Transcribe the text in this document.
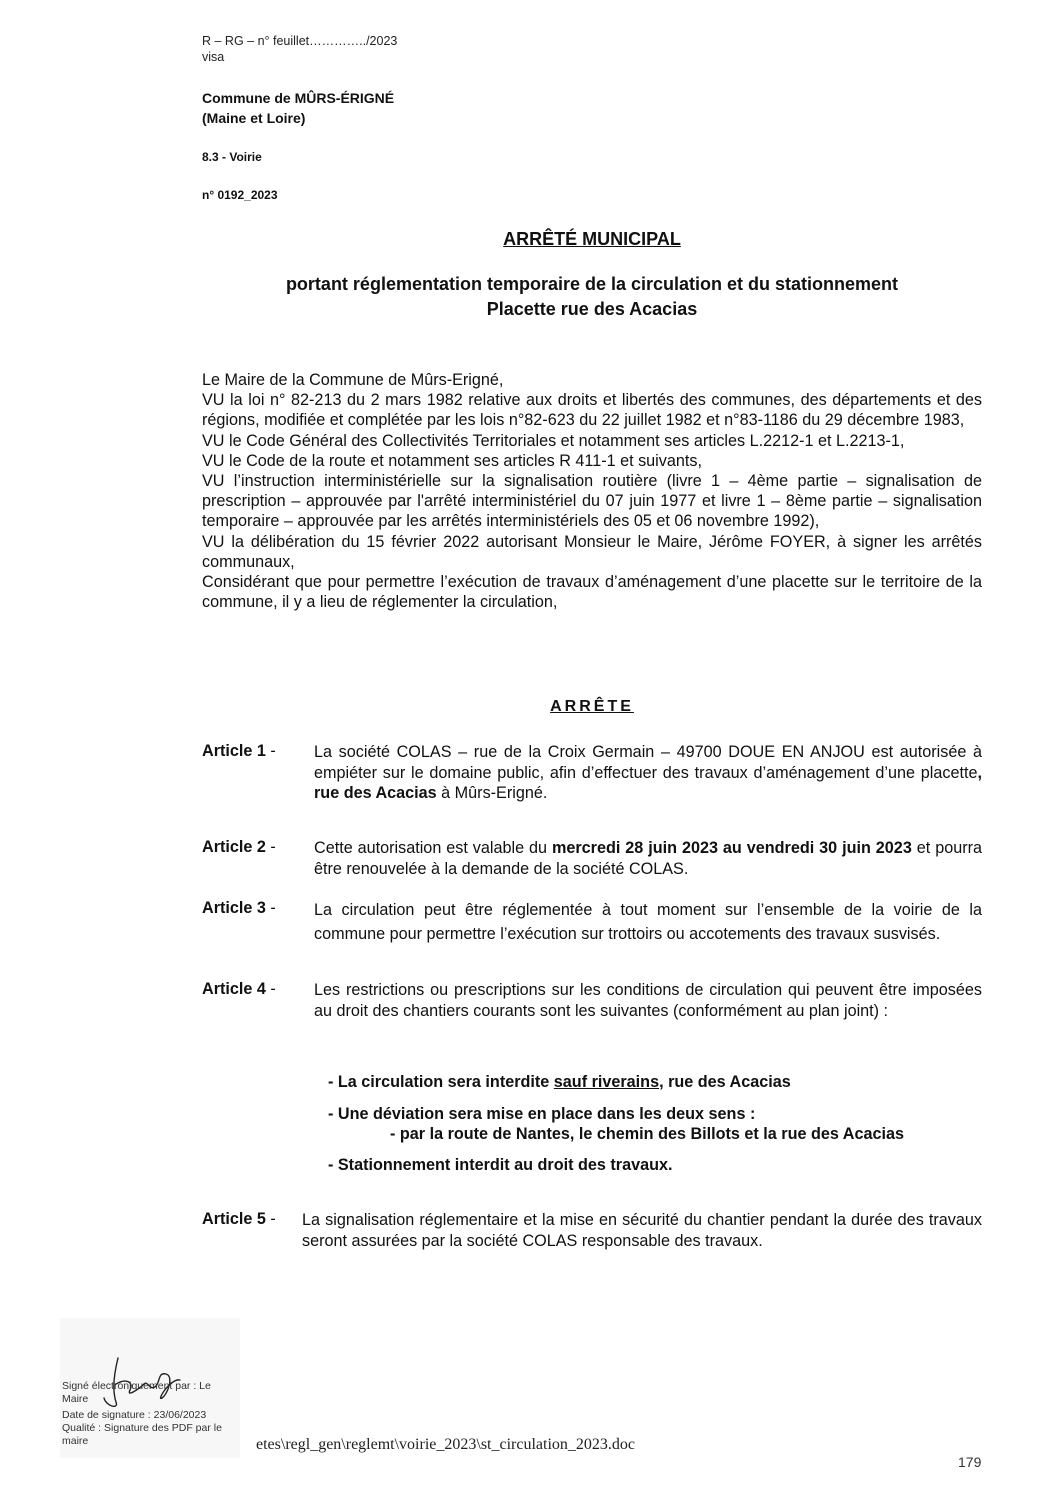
R – RG – n° feuillet…………../2023
visa
Commune de MÛRS-ÉRIGNÉ
(Maine et Loire)
8.3 - Voirie
n° 0192_2023
ARRÊTÉ MUNICIPAL
portant réglementation temporaire de la circulation et du stationnement
Placette rue des Acacias

Le Maire de la Commune de Mûrs-Erigné,

VU la loi n° 82-213 du 2 mars 1982 relative aux droits et libertés des communes, des départements et des régions, modifiée et complétée par les lois n°82-623 du 22 juillet 1982 et n°83-1186 du 29 décembre 1983,

VU le Code Général des Collectivités Territoriales et notamment ses articles L.2212-1 et L.2213-1,

VU le Code de la route et notamment ses articles R 411-1 et suivants,

VU l’instruction interministérielle sur la signalisation routière (livre 1 – 4ème partie – signalisation de prescription – approuvée par l'arrêté interministériel du 07 juin 1977 et livre 1 – 8ème partie – signalisation temporaire – approuvée par les arrêtés interministériels des 05 et 06 novembre 1992),

VU la délibération du 15 février 2022 autorisant Monsieur le Maire, Jérôme FOYER, à signer les arrêtés communaux,

Considérant que pour permettre l’exécution de travaux d’aménagement d’une placette sur le territoire de la commune, il y a lieu de réglementer la circulation,

ARRÊTE
Article 1 - La société COLAS – rue de la Croix Germain – 49700 DOUE EN ANJOU est autorisée à empiéter sur le domaine public, afin d’effectuer des travaux d’aménagement d’une placette, rue des Acacias à Mûrs-Erigné.
Article 2 - Cette autorisation est valable du mercredi 28 juin 2023 au vendredi 30 juin 2023 et pourra être renouvelée à la demande de la société COLAS.
Article 3 - La circulation peut être réglementée à tout moment sur l’ensemble de la voirie de la commune pour permettre l’exécution sur trottoirs ou accotements des travaux susvisés.
Article 4 - Les restrictions ou prescriptions sur les conditions de circulation qui peuvent être imposées au droit des chantiers courants sont les suivantes (conformément au plan joint) :
- La circulation sera interdite sauf riverains, rue des Acacias
- Une déviation sera mise en place dans les deux sens :
- par la route de Nantes, le chemin des Billots et la rue des Acacias
- Stationnement interdit au droit des travaux.
Article 5 - La signalisation réglementaire et la mise en sécurité du chantier pendant la durée des travaux seront assurées par la société COLAS responsable des travaux.
Signé électroniquement par : Le Maire
Date de signature : 23/06/2023
Qualité : Signature des PDF par le maire	etes\regl_gen\reglemt\voirie_2023\st_circulation_2023.doc
179
